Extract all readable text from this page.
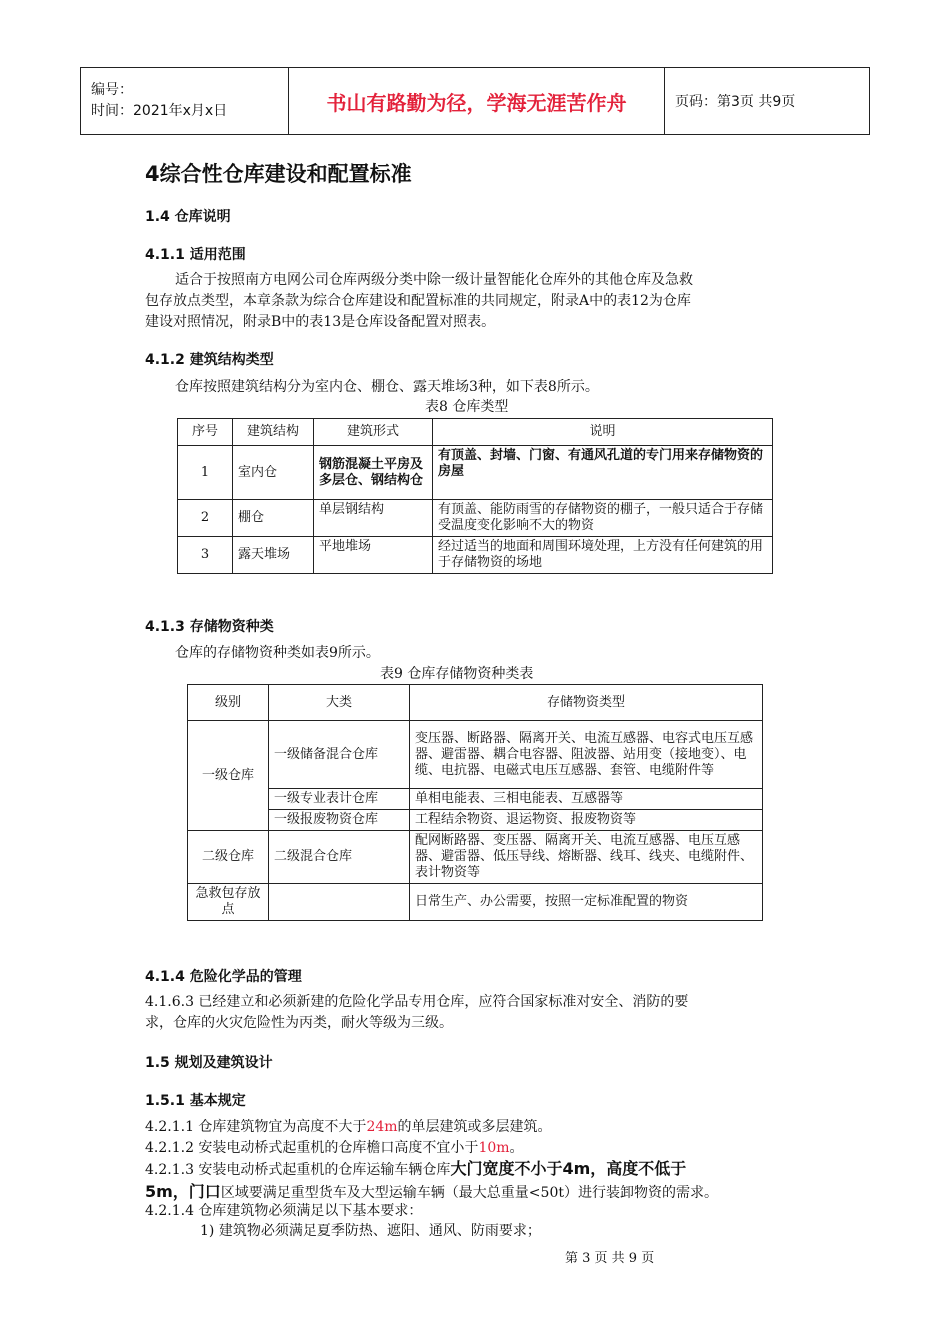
编号：
时间：2021年x月x日	书山有路勤为径，学海无涯苦作舟	页码：第3页 共9页
4综合性仓库建设和配置标准
1.4 仓库说明
4.1.1 适用范围
适合于按照南方电网公司仓库两级分类中除一级计量智能化仓库外的其他仓库及急救
包存放点类型，本章条款为综合仓库建设和配置标准的共同规定，附录A中的表12为仓库
建设对照情况，附录B中的表13是仓库设备配置对照表。
4.1.2 建筑结构类型
仓库按照建筑结构分为室内仓、棚仓、露天堆场3种，如下表8所示。
表8 仓库类型
序号	建筑结构	建筑形式	说明
1	室内仓	钢筋混凝土平房及多层仓、钢结构仓	有顶盖、封墙、门窗、有通风孔道的专门用来存储物资的房屋
2	棚仓	单层钢结构	有顶盖、能防雨雪的存储物资的棚子，一般只适合于存储受温度变化影响不大的物资
3	露天堆场	平地堆场	经过适当的地面和周围环境处理，上方没有任何建筑的用于存储物资的场地
4.1.3 存储物资种类
仓库的存储物资种类如表9所示。
表9 仓库存储物资种类表
级别	大类	存储物资类型
一级仓库	一级储备混合仓库	变压器、断路器、隔离开关、电流互感器、电容式电压互感器、避雷器、耦合电容器、阻波器、站用变（接地变）、电缆、电抗器、电磁式电压互感器、套管、电缆附件等
	一级专业表计仓库	单相电能表、三相电能表、互感器等
	一级报废物资仓库	工程结余物资、退运物资、报废物资等
二级仓库	二级混合仓库	配网断路器、变压器、隔离开关、电流互感器、电压互感器、避雷器、低压导线、熔断器、线耳、线夹、电缆附件、表计物资等
急救包存放点		日常生产、办公需要，按照一定标准配置的物资
4.1.4 危险化学品的管理
4.1.6.3 已经建立和必须新建的危险化学品专用仓库，应符合国家标准对安全、消防的要
求，仓库的火灾危险性为丙类，耐火等级为三级。
1.5 规划及建筑设计
1.5.1 基本规定
4.2.1.1 仓库建筑物宜为高度不大于24m的单层建筑或多层建筑。
4.2.1.2 安装电动桥式起重机的仓库檐口高度不宜小于10m。
4.2.1.3 安装电动桥式起重机的仓库运输车辆仓库大门宽度不小于4m，高度不低于
5m，门口区域要满足重型货车及大型运输车辆（最大总重量<50t）进行装卸物资的需求。
4.2.1.4 仓库建筑物必须满足以下基本要求：
1) 建筑物必须满足夏季防热、遮阳、通风、防雨要求；
第 3 页 共 9 页
